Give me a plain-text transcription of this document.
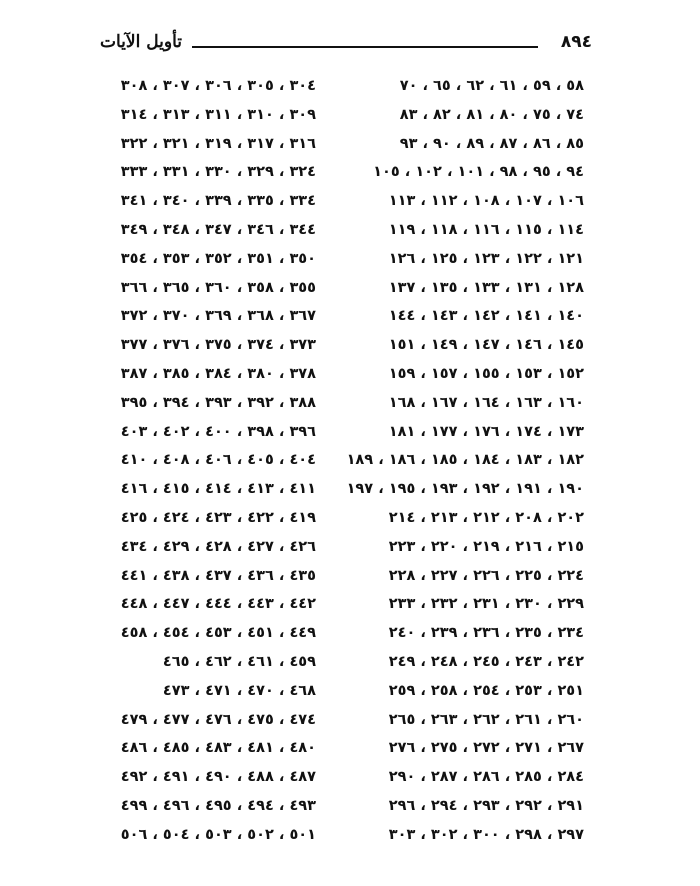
٨٩٤
تأويل الآيات
٥٨ ، ٥٩ ، ٦١ ، ٦٢ ، ٦٥ ، ٧٠
٧٤ ، ٧٥ ، ٨٠ ، ٨١ ، ٨٢ ، ٨٣
٨٥ ، ٨٦ ، ٨٧ ، ٨٩ ، ٩٠ ، ٩٣
٩٤ ، ٩٥ ، ٩٨ ، ١٠١ ، ١٠٢ ، ١٠٥
١٠٦ ، ١٠٧ ، ١٠٨ ، ١١٢ ، ١١٣
١١٤ ، ١١٥ ، ١١٦ ، ١١٨ ، ١١٩
١٢١ ، ١٢٢ ، ١٢٣ ، ١٢٥ ، ١٢٦
١٢٨ ، ١٣١ ، ١٣٣ ، ١٣٥ ، ١٣٧
١٤٠ ، ١٤١ ، ١٤٢ ، ١٤٣ ، ١٤٤
١٤٥ ، ١٤٦ ، ١٤٧ ، ١٤٩ ، ١٥١
١٥٢ ، ١٥٣ ، ١٥٥ ، ١٥٧ ، ١٥٩
١٦٠ ، ١٦٣ ، ١٦٤ ، ١٦٧ ، ١٦٨
١٧٣ ، ١٧٤ ، ١٧٦ ، ١٧٧ ، ١٨١
١٨٢ ، ١٨٣ ، ١٨٤ ، ١٨٥ ، ١٨٦ ، ١٨٩
١٩٠ ، ١٩١ ، ١٩٢ ، ١٩٣ ، ١٩٥ ، ١٩٧
٢٠٢ ، ٢٠٨ ، ٢١٢ ، ٢١٣ ، ٢١٤
٢١٥ ، ٢١٦ ، ٢١٩ ، ٢٢٠ ، ٢٢٣
٢٢٤ ، ٢٢٥ ، ٢٢٦ ، ٢٢٧ ، ٢٢٨
٢٢٩ ، ٢٣٠ ، ٢٣١ ، ٢٣٢ ، ٢٣٣
٢٣٤ ، ٢٣٥ ، ٢٣٦ ، ٢٣٩ ، ٢٤٠
٢٤٢ ، ٢٤٣ ، ٢٤٥ ، ٢٤٨ ، ٢٤٩
٢٥١ ، ٢٥٣ ، ٢٥٤ ، ٢٥٨ ، ٢٥٩
٢٦٠ ، ٢٦١ ، ٢٦٢ ، ٢٦٣ ، ٢٦٥
٢٦٧ ، ٢٧١ ، ٢٧٢ ، ٢٧٥ ، ٢٧٦
٢٨٤ ، ٢٨٥ ، ٢٨٦ ، ٢٨٧ ، ٢٩٠
٢٩١ ، ٢٩٢ ، ٢٩٣ ، ٢٩٤ ، ٢٩٦
٢٩٧ ، ٢٩٨ ، ٣٠٠ ، ٣٠٢ ، ٣٠٣
٣٠٤ ، ٣٠٥ ، ٣٠٦ ، ٣٠٧ ، ٣٠٨
٣٠٩ ، ٣١٠ ، ٣١١ ، ٣١٣ ، ٣١٤
٣١٦ ، ٣١٧ ، ٣١٩ ، ٣٢١ ، ٣٢٢
٣٢٤ ، ٣٢٩ ، ٣٣٠ ، ٣٣١ ، ٣٣٣
٣٣٤ ، ٣٣٥ ، ٣٣٩ ، ٣٤٠ ، ٣٤١
٣٤٤ ، ٣٤٦ ، ٣٤٧ ، ٣٤٨ ، ٣٤٩
٣٥٠ ، ٣٥١ ، ٣٥٢ ، ٣٥٣ ، ٣٥٤
٣٥٥ ، ٣٥٨ ، ٣٦٠ ، ٣٦٥ ، ٣٦٦
٣٦٧ ، ٣٦٨ ، ٣٦٩ ، ٣٧٠ ، ٣٧٢
٣٧٣ ، ٣٧٤ ، ٣٧٥ ، ٣٧٦ ، ٣٧٧
٣٧٨ ، ٣٨٠ ، ٣٨٤ ، ٣٨٥ ، ٣٨٧
٣٨٨ ، ٣٩٢ ، ٣٩٣ ، ٣٩٤ ، ٣٩٥
٣٩٦ ، ٣٩٨ ، ٤٠٠ ، ٤٠٢ ، ٤٠٣
٤٠٤ ، ٤٠٥ ، ٤٠٦ ، ٤٠٨ ، ٤١٠
٤١١ ، ٤١٣ ، ٤١٤ ، ٤١٥ ، ٤١٦
٤١٩ ، ٤٢٢ ، ٤٢٣ ، ٤٢٤ ، ٤٢٥
٤٢٦ ، ٤٢٧ ، ٤٢٨ ، ٤٢٩ ، ٤٣٤
٤٣٥ ، ٤٣٦ ، ٤٣٧ ، ٤٣٨ ، ٤٤١
٤٤٢ ، ٤٤٣ ، ٤٤٤ ، ٤٤٧ ، ٤٤٨
٤٤٩ ، ٤٥١ ، ٤٥٣ ، ٤٥٤ ، ٤٥٨
٤٥٩ ، ٤٦١ ، ٤٦٢ ، ٤٦٥
٤٦٨ ، ٤٧٠ ، ٤٧١ ، ٤٧٣
٤٧٤ ، ٤٧٥ ، ٤٧٦ ، ٤٧٧ ، ٤٧٩
٤٨٠ ، ٤٨١ ، ٤٨٣ ، ٤٨٥ ، ٤٨٦
٤٨٧ ، ٤٨٨ ، ٤٩٠ ، ٤٩١ ، ٤٩٢
٤٩٣ ، ٤٩٤ ، ٤٩٥ ، ٤٩٦ ، ٤٩٩
٥٠١ ، ٥٠٢ ، ٥٠٣ ، ٥٠٤ ، ٥٠٦
